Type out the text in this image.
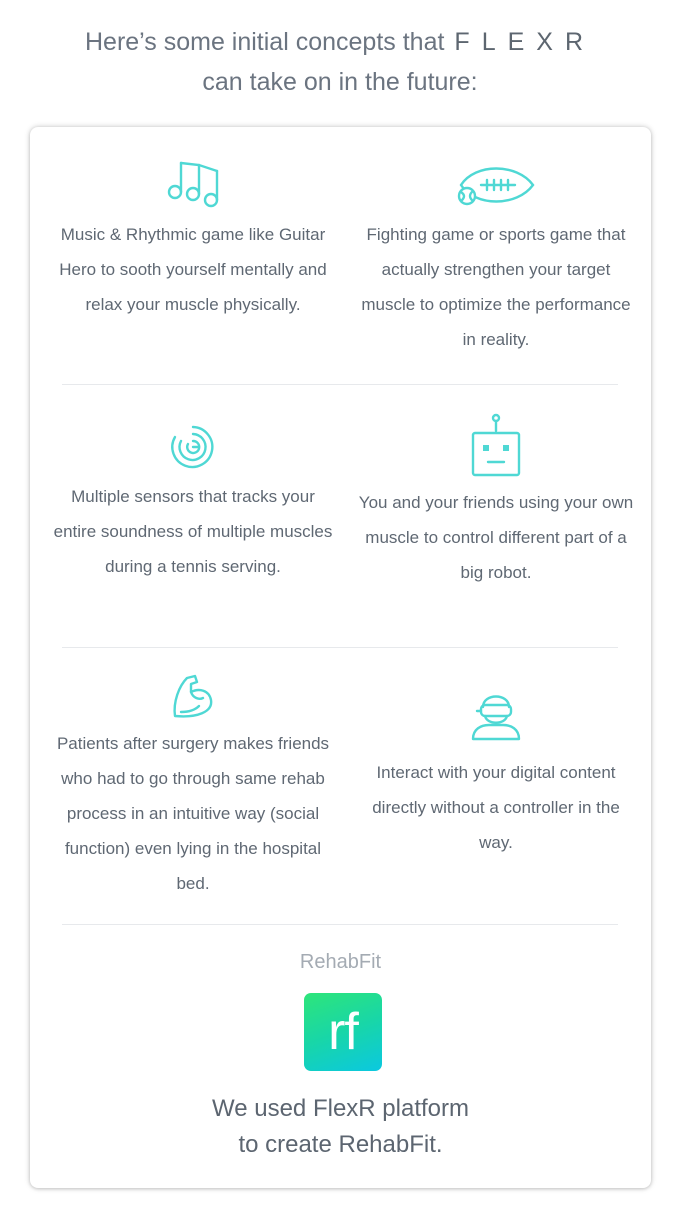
Here’s some initial concepts that FLEXR
can take on in the future:
Music & Rhythmic game like Guitar Hero to sooth yourself mentally and relax your muscle physically.
Fighting game or sports game that actually strengthen your target muscle to optimize the performance in reality.
Multiple sensors that tracks your entire soundness of multiple muscles during a tennis serving.
You and your friends using your own muscle to control different part of a big robot.
Patients after surgery makes friends who had to go through same rehab process in an intuitive way (social function) even lying in the hospital bed.
Interact with your digital content directly without a controller in the way.
RehabFit
rf
We used FlexR platform
to create RehabFit.
